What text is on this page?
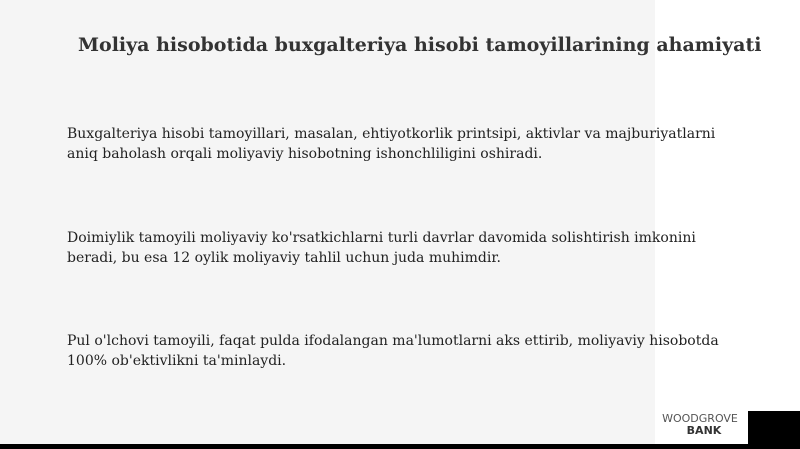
Moliya hisobotida buxgalteriya hisobi tamoyillarining ahamiyati

Buxgalteriya hisobi tamoyillari, masalan, ehtiyotkorlik printsipi, aktivlar va majburiyatlarni aniq baholash orqali moliyaviy hisobotning ishonchliligini oshiradi.

Doimiylik tamoyili moliyaviy ko'rsatkichlarni turli davrlar davomida solishtirish imkonini beradi, bu esa 12 oylik moliyaviy tahlil uchun juda muhimdir.

Pul o'lchovi tamoyili, faqat pulda ifodalangan ma'lumotlarni aks ettirib, moliyaviy hisobotda 100% ob'ektivlikni ta'minlaydi.

WOODGROVE
BANK
